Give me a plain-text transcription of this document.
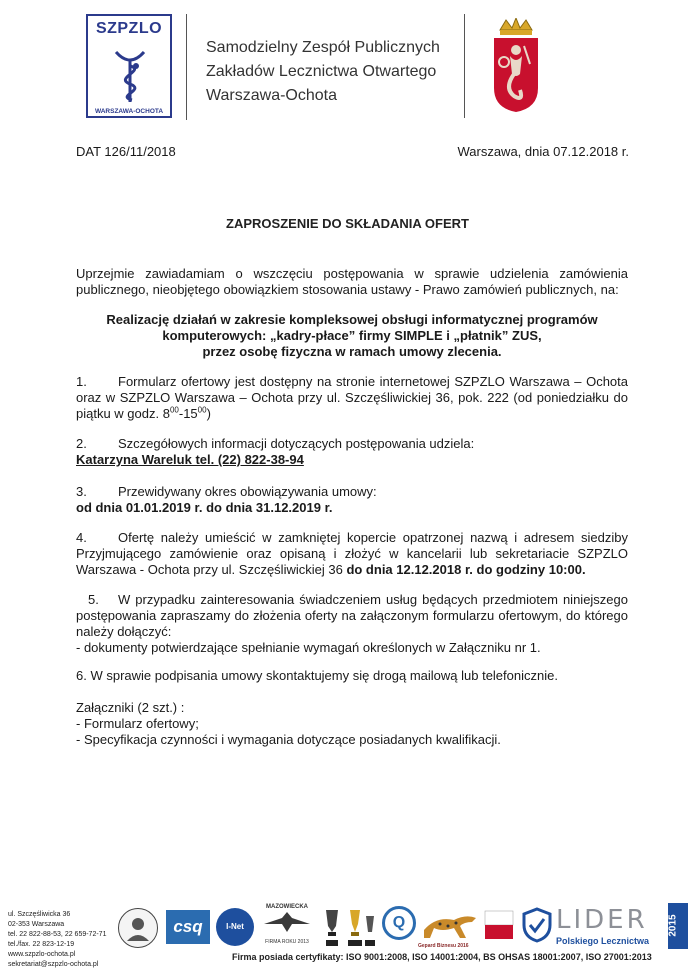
SZPZLO
WARSZAWA-OCHOTA
Samodzielny Zespół Publicznych
Zakładów Lecznictwa Otwartego
Warszawa-Ochota
DAT 126/11/2018	Warszawa, dnia 07.12.2018 r.
ZAPROSZENIE DO SKŁADANIA OFERT
Uprzejmie zawiadamiam o wszczęciu postępowania w sprawie udzielenia zamówienia publicznego, nieobjętego obowiązkiem stosowania ustawy - Prawo zamówień publicznych, na:
Realizację działań w zakresie kompleksowej obsługi informatycznej programów
komputerowych: „kadry-płace” firmy SIMPLE i „płatnik” ZUS,
przez osobę fizyczna w ramach umowy zlecenia.
1. Formularz ofertowy jest dostępny na stronie internetowej SZPZLO Warszawa – Ochota oraz w SZPZLO Warszawa – Ochota przy ul. Szczęśliwickiej 36, pok. 222 (od poniedziałku do piątku w godz. $8^{00}-15^{00}$)
2. Szczegółowych informacji dotyczących postępowania udziela:
Katarzyna Wareluk tel. (22) 822-38-94
3. Przewidywany okres obowiązywania umowy:
od dnia 01.01.2019 r. do dnia 31.12.2019 r.
4. Ofertę należy umieścić w zamkniętej kopercie opatrzonej nazwą i adresem siedziby Przyjmującego zamówienie oraz opisaną i złożyć w kancelarii lub sekretariacie SZPZLO Warszawa - Ochota przy ul. Szczęśliwickiej 36 do dnia 12.12.2018 r. do godziny 10:00.
5. W przypadku zainteresowania świadczeniem usług będących przedmiotem niniejszego postępowania zapraszamy do złożenia oferty na załączonym formularzu ofertowym, do którego należy dołączyć:
- dokumenty potwierdzające spełnianie wymagań określonych w Załączniku nr 1.
6. W sprawie podpisania umowy skontaktujemy się drogą mailową lub telefonicznie.
Załączniki (2 szt.) :
- Formularz ofertowy;
- Specyfikacja czynności i wymagania dotyczące posiadanych kwalifikacji.
ul. Szczęśliwicka 36
02-353 Warszawa
tel. 22 822-88-53, 22 659-72-71
tel./fax. 22 823-12-19
www.szpzlo-ochota.pl
sekretariat@szpzlo-ochota.pl
csq	I-Net
MAZOWIECKA
FIRMA ROKU 2013
Q
Gepard Biznesu 2016
LIDER
Polskiego Lecznictwa
2015
Firma posiada certyfikaty: ISO 9001:2008, ISO 14001:2004, BS OHSAS 18001:2007, ISO 27001:2013
